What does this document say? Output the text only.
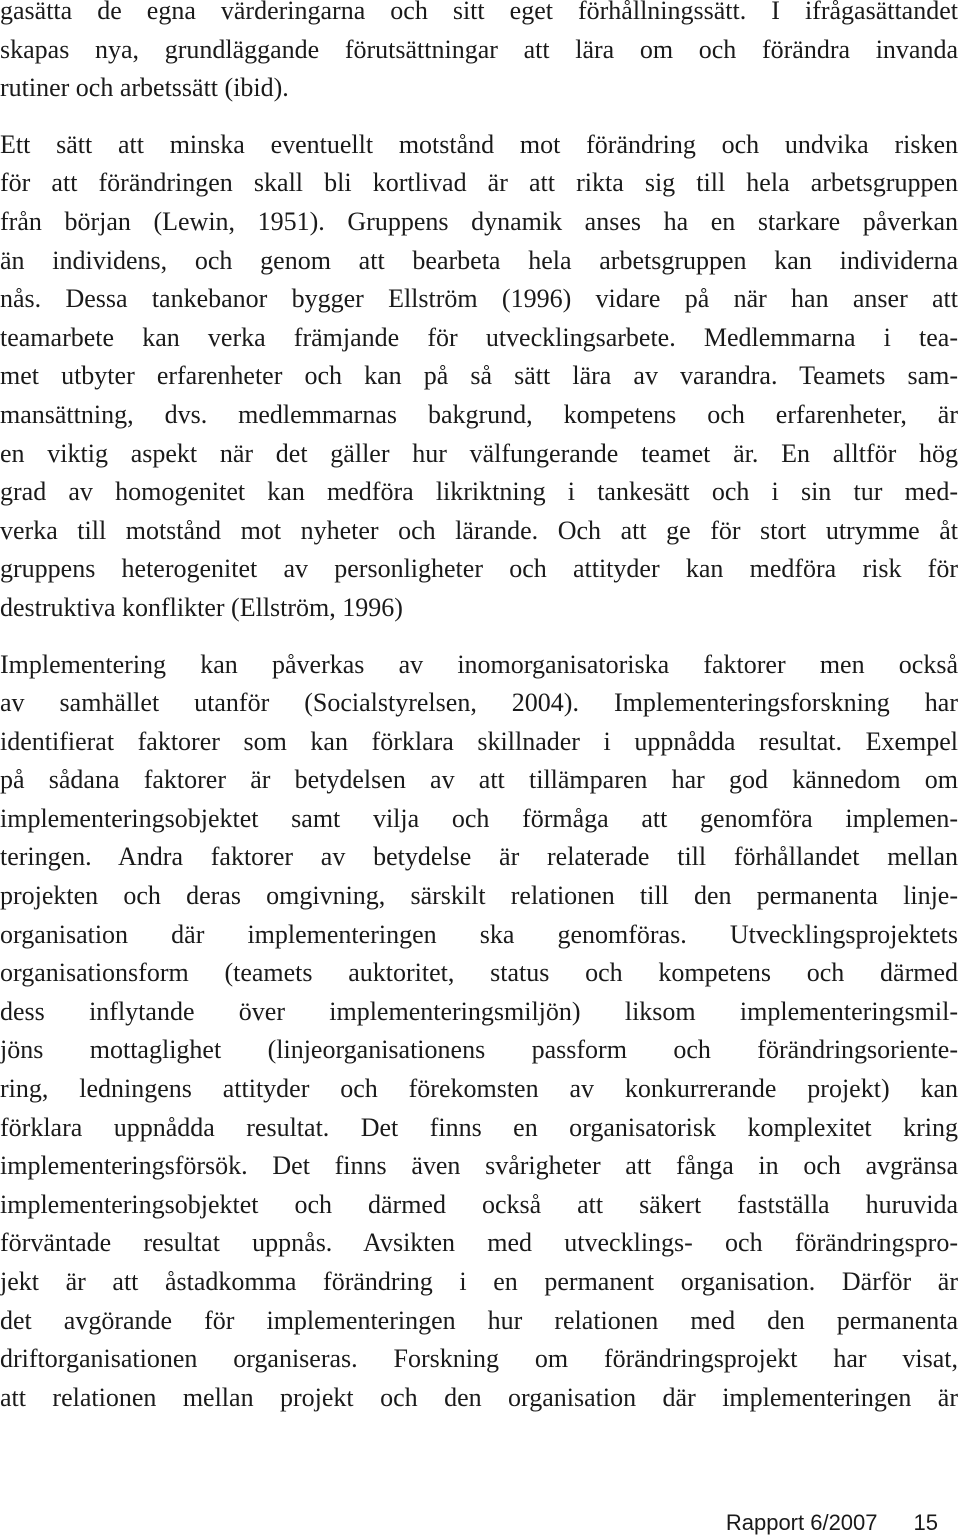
gasätta de egna värderingarna och sitt eget förhållningssätt. I ifrågasättandet
skapas nya, grundläggande förutsättningar att lära om och förändra invanda
rutiner och arbetssätt (ibid).

Ett sätt att minska eventuellt motstånd mot förändring och undvika risken
för att förändringen skall bli kortlivad är att rikta sig till hela arbetsgruppen
från början (Lewin, 1951). Gruppens dynamik anses ha en starkare påverkan
än individens, och genom att bearbeta hela arbetsgruppen kan individerna
nås. Dessa tankebanor bygger Ellström (1996) vidare på när han anser att
teamarbete kan verka främjande för utvecklingsarbete. Medlemmarna i tea-
met utbyter erfarenheter och kan på så sätt lära av varandra. Teamets sam-
mansättning, dvs. medlemmarnas bakgrund, kompetens och erfarenheter, är
en viktig aspekt när det gäller hur välfungerande teamet är. En alltför hög
grad av homogenitet kan medföra likriktning i tankesätt och i sin tur med-
verka till motstånd mot nyheter och lärande. Och att ge för stort utrymme åt
gruppens heterogenitet av personligheter och attityder kan medföra risk för
destruktiva konflikter (Ellström, 1996)

Implementering kan påverkas av inomorganisatoriska faktorer men också
av samhället utanför (Socialstyrelsen, 2004). Implementeringsforskning har
identifierat faktorer som kan förklara skillnader i uppnådda resultat. Exempel
på sådana faktorer är betydelsen av att tillämparen har god kännedom om
implementeringsobjektet samt vilja och förmåga att genomföra implemen-
teringen. Andra faktorer av betydelse är relaterade till förhållandet mellan
projekten och deras omgivning, särskilt relationen till den permanenta linje-
organisation där implementeringen ska genomföras. Utvecklingsprojektets
organisationsform (teamets auktoritet, status och kompetens och därmed
dess inflytande över implementeringsmiljön) liksom implementeringsmil-
jöns mottaglighet (linjeorganisationens passform och förändringsoriente-
ring, ledningens attityder och förekomsten av konkurrerande projekt) kan
förklara uppnådda resultat. Det finns en organisatorisk komplexitet kring
implementeringsförsök. Det finns även svårigheter att fånga in och avgränsa
implementeringsobjektet och därmed också att säkert fastställa huruvida
förväntade resultat uppnås. Avsikten med utvecklings- och förändringspro-
jekt är att åstadkomma förändring i en permanent organisation. Därför är
det avgörande för implementeringen hur relationen med den permanenta
driftorganisationen organiseras. Forskning om förändringsprojekt har visat,
att relationen mellan projekt och den organisation där implementeringen är

Rapport 6/2007 15
